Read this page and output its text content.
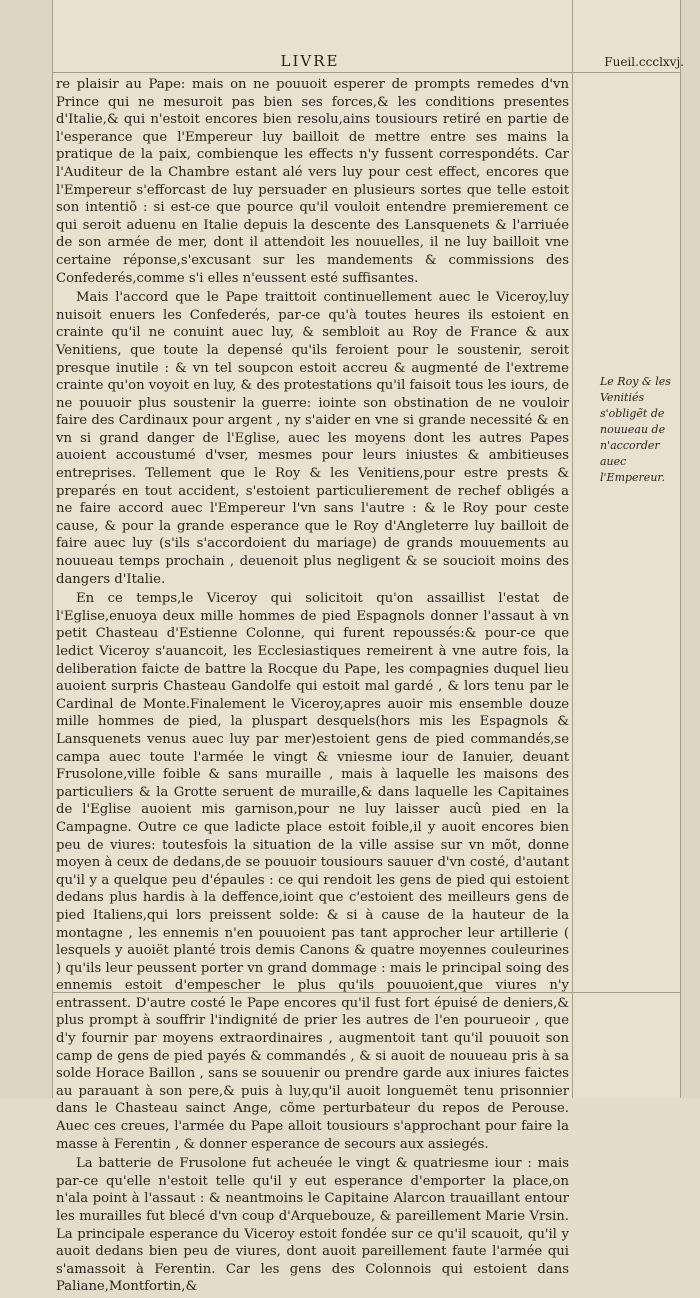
LIVRE	Fueil.ccclxvj.

re plaisir au Pape: mais on ne pouuoit esperer de prompts remedes d'vn Prince qui ne mesuroit pas bien ses forces,& les conditions presentes d'Italie,& qui n'estoit encores bien resolu,ains tousiours retiré en partie de l'esperance que l'Empereur luy bailloit de mettre entre ses mains la pratique de la paix, combienque les effects n'y fussent correspondéts. Car l'Auditeur de la Chambre estant alé vers luy pour cest effect, encores que l'Empereur s'efforcast de luy persuader en plusieurs sortes que telle estoit son intentiõ : si est-ce que pource qu'il vouloit entendre premierement ce qui seroit aduenu en Italie depuis la descente des Lansquenets & l'arriuée de son armée de mer, dont il attendoit les nouuelles, il ne luy bailloit vne certaine réponse,s'excusant sur les mandements & commissions des Confederés,comme s'i elles n'eussent esté suffisantes.

Mais l'accord que le Pape traittoit continuellement auec le Viceroy,luy nuisoit enuers les Confederés, par-ce qu'à toutes heures ils estoient en crainte qu'il ne conuint auec luy, & sembloit au Roy de France & aux Venitiens, que toute la depensé qu'ils feroient pour le soustenir, seroit presque inutile : & vn tel soupcon estoit accreu & augmenté de l'extreme crainte qu'on voyoit en luy, & des protestations qu'il faisoit tous les iours, de ne pouuoir plus soustenir la guerre: iointe son obstination de ne vouloir faire des Cardinaux pour argent , ny s'aider en vne si grande necessité & en vn si grand danger de l'Eglise, auec les moyens dont les autres Papes auoient accoustumé d'vser, mesmes pour leurs iniustes & ambitieuses entreprises. Tellement que le Roy & les Venitiens,pour estre prests & preparés en tout accident, s'estoient particulierement de rechef obligés a ne faire accord auec l'Empereur l'vn sans l'autre : & le Roy pour ceste cause, & pour la grande esperance que le Roy d'Angleterre luy bailloit de faire auec luy (s'ils s'accordoient du mariage) de grands mouuements au nouueau temps prochain , deuenoit plus negligent & se soucioit moins des dangers d'Italie.

En ce temps,le Viceroy qui solicitoit qu'on assaillist l'estat de l'Eglise,enuoya deux mille hommes de pied Espagnols donner l'assaut à vn petit Chasteau d'Estienne Colonne, qui furent repoussés:& pour-ce que ledict Viceroy s'auancoit, les Ecclesiastiques remeirent à vne autre fois, la deliberation faicte de battre la Rocque du Pape, les compagnies duquel lieu auoient surpris Chasteau Gandolfe qui estoit mal gardé , & lors tenu par le Cardinal de Monte.Finalement le Viceroy,apres auoir mis ensemble douze mille hommes de pied, la pluspart desquels(hors mis les Espagnols & Lansquenets venus auec luy par mer)estoient gens de pied commandés,se campa auec toute l'armée le vingt & vniesme iour de Ianuier, deuant Frusolone,ville foible & sans muraille , mais à laquelle les maisons des particuliers & la Grotte seruent de muraille,& dans laquelle les Capitaines de l'Eglise auoient mis garnison,pour ne luy laisser aucû pied en la Campagne. Outre ce que ladicte place estoit foible,il y auoit encores bien peu de viures: toutesfois la situation de la ville assise sur vn mõt, donne moyen à ceux de dedans,de se pouuoir tousiours sauuer d'vn costé, d'autant qu'il y a quelque peu d'épaules : ce qui rendoit les gens de pied qui estoient dedans plus hardis à la deffence,ioint que c'estoient des meilleurs gens de pied Italiens,qui lors preissent solde: & si à cause de la hauteur de la montagne , les ennemis n'en pouuoient pas tant approcher leur artillerie ( lesquels y auoiët planté trois demis Canons & quatre moyennes couleurines ) qu'ils leur peussent porter vn grand dommage : mais le principal soing des ennemis estoit d'empescher le plus qu'ils pouuoient,que viures n'y entrassent. D'autre costé le Pape encores qu'il fust fort épuisé de deniers,& plus prompt à souffrir l'indignité de prier les autres de l'en pourueoir , que d'y fournir par moyens extraordinaires , augmentoit tant qu'il pouuoit son camp de gens de pied payés & commandés , & si auoit de nouueau pris à sa solde Horace Baillon , sans se souuenir ou prendre garde aux iniures faictes au parauant à son pere,& puis à luy,qu'il auoit longuemët tenu prisonnier dans le Chasteau sainct Ange, cõme perturbateur du repos de Perouse. Auec ces creues, l'armée du Pape alloit tousiours s'approchant pour faire la masse à Ferentin , & donner esperance de secours aux assiegés.

La batterie de Frusolone fut acheuée le vingt & quatriesme iour : mais par-ce qu'elle n'estoit telle qu'il y eut esperance d'emporter la place,on n'ala point à l'assaut : & neantmoins le Capitaine Alarcon trauaillant entour les murailles fut blecé d'vn coup d'Arquebouze, & pareillement Marie Vrsin. La principale esperance du Viceroy estoit fondée sur ce qu'il scauoit, qu'il y auoit dedans bien peu de viures, dont auoit pareillement faute l'armée qui s'amassoit à Ferentin. Car les gens des Colonnois qui estoient dans Paliane,Montfortin,&

Le Roy & les Venitiés s'obligẽt de nouueau de n'accorder auec l'Empereur.
